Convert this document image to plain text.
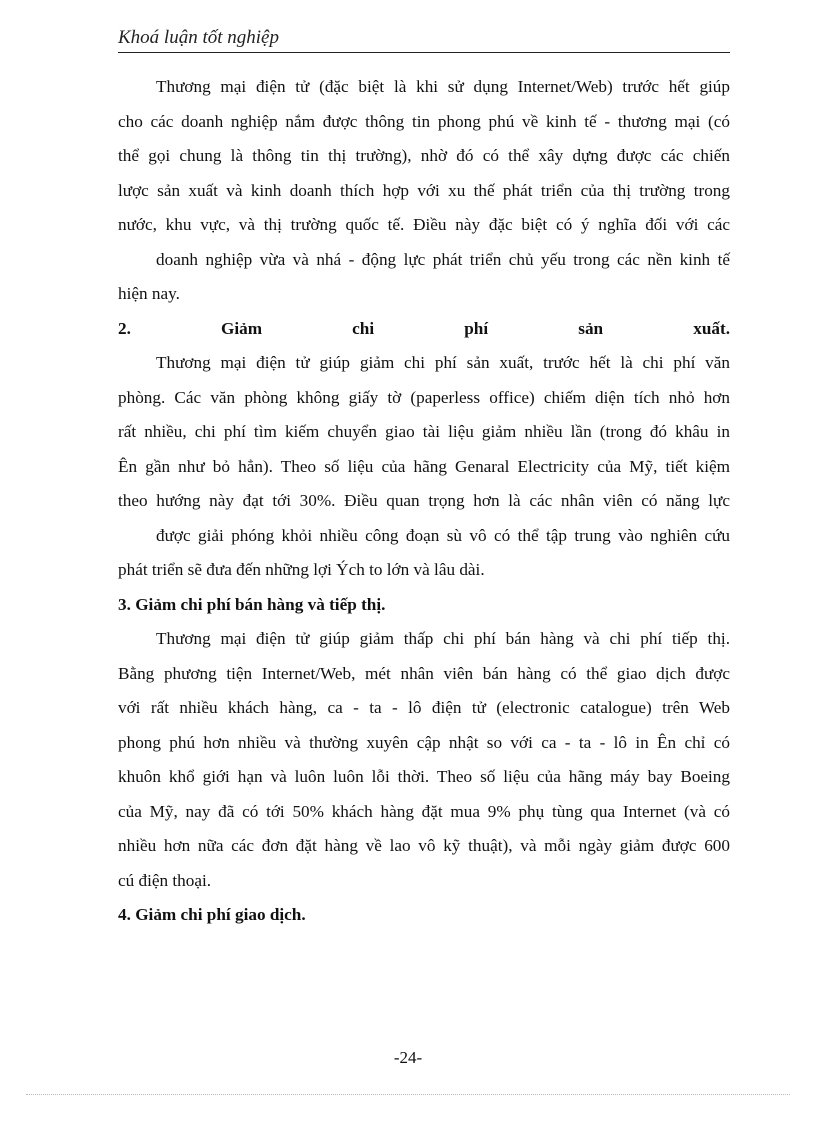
Khoá luận tốt nghiệp
Thương mại điện tử (đặc biệt là khi sử dụng Internet/Web) trước hết giúp
cho các doanh nghiệp nắm được thông tin phong phú về kinh tế - thương mại (có
thể gọi chung là thông tin thị trường), nhờ đó có thể xây dựng được các chiến
lược sản xuất và kinh doanh thích hợp với xu thế phát triển của thị trường trong
nước, khu vực, và thị trường quốc tế. Điều này đặc biệt có ý nghĩa đối với các
doanh nghiệp vừa và nhá - động lực phát triển chủ yếu trong các nền kinh tế
hiện nay.
2.	Giảm	chi	phí	sản	xuất.
Thương mại điện tử giúp giảm chi phí sản xuất, trước hết là chi phí văn
phòng. Các văn phòng không giấy tờ (paperless office) chiếm diện tích nhỏ hơn
rất nhiều, chi phí tìm kiếm chuyển giao tài liệu giảm nhiều lần (trong đó khâu in
Ên gần như bỏ hẳn). Theo số liệu của hãng Genaral Electricity của Mỹ, tiết kiệm
theo hướng này đạt tới 30%. Điều quan trọng hơn là các nhân viên có năng lực
được giải phóng khỏi nhiều công đoạn sù vô có thể tập trung vào nghiên cứu
phát triển sẽ đưa đến những lợi Ých to lớn và lâu dài.
3. Giảm chi phí bán hàng và tiếp thị.
Thương mại điện tử giúp giảm thấp chi phí bán hàng và chi phí tiếp thị.
Bằng phương tiện Internet/Web, mét nhân viên bán hàng có thể giao dịch được
với rất nhiều khách hàng, ca - ta - lô điện tử (electronic catalogue) trên Web
phong phú hơn nhiều và thường xuyên cập nhật so với ca - ta - lô in Ên chỉ có
khuôn khổ giới hạn và luôn luôn lỗi thời. Theo số liệu của hãng máy bay Boeing
của Mỹ, nay đã có tới 50% khách hàng đặt mua 9% phụ tùng qua Internet (và có
nhiều hơn nữa các đơn đặt hàng về lao vô kỹ thuật), và mỗi ngày giảm được 600
cú điện thoại.
4. Giảm chi phí giao dịch.
-24-
